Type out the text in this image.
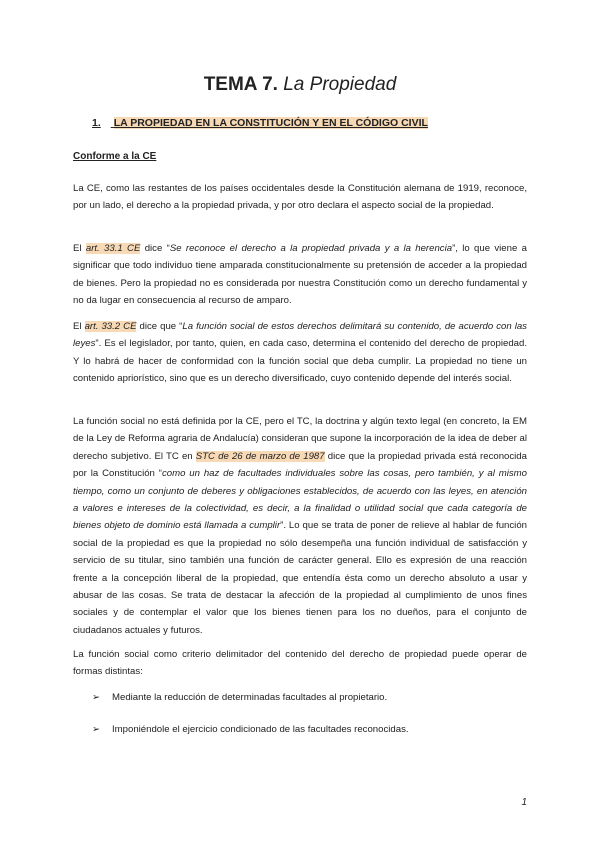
TEMA 7. La Propiedad
1. LA PROPIEDAD EN LA CONSTITUCIÓN Y EN EL CÓDIGO CIVIL
Conforme a la CE

La CE, como las restantes de los países occidentales desde la Constitución alemana de 1919, reconoce, por un lado, el derecho a la propiedad privada, y por otro declara el aspecto social de la propiedad.

El art. 33.1 CE dice “Se reconoce el derecho a la propiedad privada y a la herencia”, lo que viene a significar que todo individuo tiene amparada constitucionalmente su pretensión de acceder a la propiedad de bienes. Pero la propiedad no es considerada por nuestra Constitución como un derecho fundamental y no da lugar en consecuencia al recurso de amparo.

El art. 33.2 CE dice que “La función social de estos derechos delimitará su contenido, de acuerdo con las leyes”. Es el legislador, por tanto, quien, en cada caso, determina el contenido del derecho de propiedad. Y lo habrá de hacer de conformidad con la función social que deba cumplir. La propiedad no tiene un contenido apriorístico, sino que es un derecho diversificado, cuyo contenido depende del interés social.

La función social no está definida por la CE, pero el TC, la doctrina y algún texto legal (en concreto, la EM de la Ley de Reforma agraria de Andalucía) consideran que supone la incorporación de la idea de deber al derecho subjetivo. El TC en STC de 26 de marzo de 1987 dice que la propiedad privada está reconocida por la Constitución “como un haz de facultades individuales sobre las cosas, pero también, y al mismo tiempo, como un conjunto de deberes y obligaciones establecidos, de acuerdo con las leyes, en atención a valores e intereses de la colectividad, es decir, a la finalidad o utilidad social que cada categoría de bienes objeto de dominio está llamada a cumplir”. Lo que se trata de poner de relieve al hablar de función social de la propiedad es que la propiedad no sólo desempeña una función individual de satisfacción y servicio de su titular, sino también una función de carácter general. Ello es expresión de una reacción frente a la concepción liberal de la propiedad, que entendía ésta como un derecho absoluto a usar y abusar de las cosas. Se trata de destacar la afección de la propiedad al cumplimiento de unos fines sociales y de contemplar el valor que los bienes tienen para los no dueños, para el conjunto de ciudadanos actuales y futuros.

La función social como criterio delimitador del contenido del derecho de propiedad puede operar de formas distintas:

➢ Mediante la reducción de determinadas facultades al propietario.
➢ Imponiéndole el ejercicio condicionado de las facultades reconocidas.
1
